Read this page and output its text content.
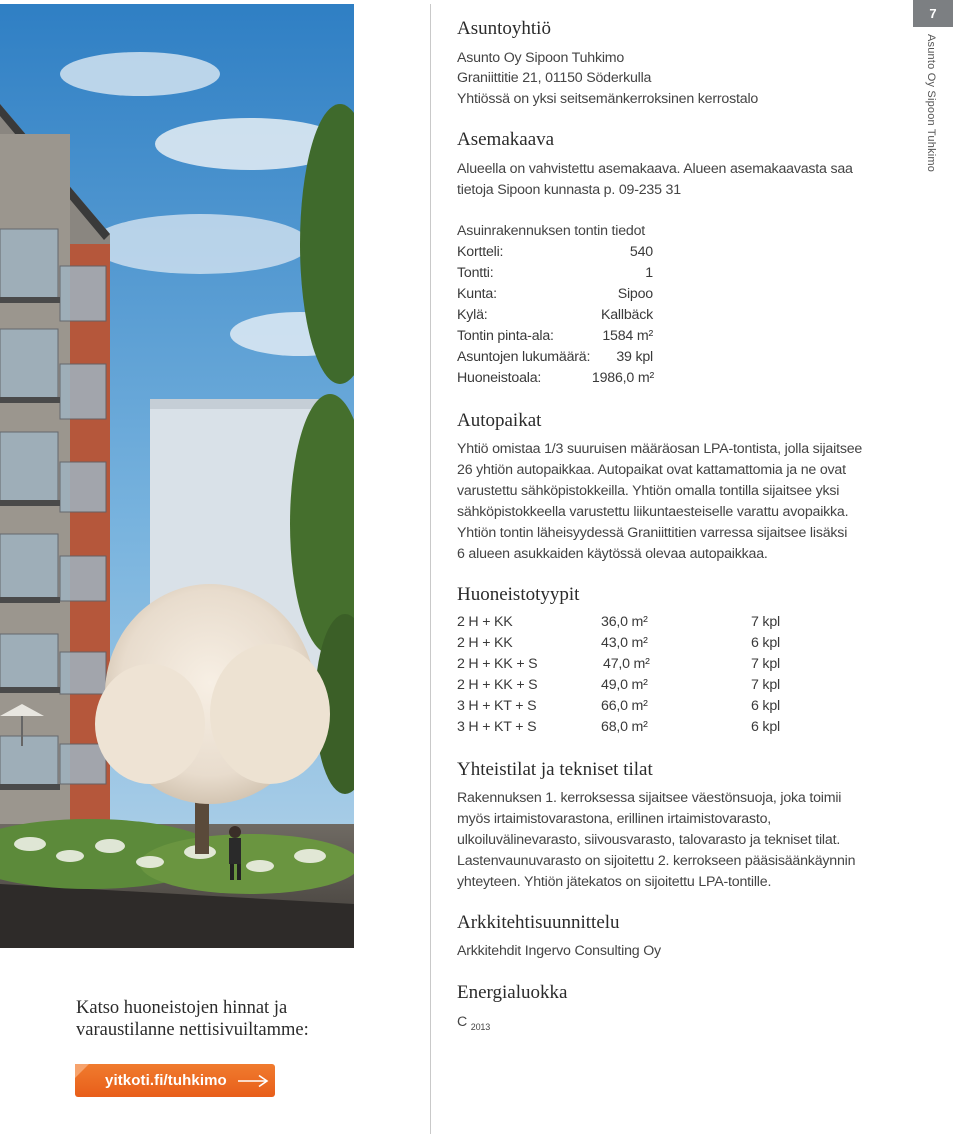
7
Asunto Oy Sipoon Tuhkimo
Asuntoyhtiö

Asunto Oy Sipoon Tuhkimo

Graniittitie 21, 01150 Söderkulla

Yhtiössä on yksi seitsemänkerroksinen kerrostalo

Asemakaava

Alueella on vahvistettu asemakaava. Alueen asemakaavasta saa

tietoja Sipoon kunnasta p. 09-235 31

Asuinrakennuksen tontin tiedot

Kortteli:	540
Tontti:	1
Kunta:	Sipoo
Kylä:	Kallbäck
Tontin pinta-ala:	1584 m²
Asuntojen lukumäärä: 39 kpl
Huoneistoala:	1986,0 m²
Autopaikat

Yhtiö omistaa 1/3 suuruisen määräosan LPA-tontista, jolla sijaitsee

26 yhtiön autopaikkaa. Autopaikat ovat kattamattomia ja ne ovat

varustettu sähköpistokkeilla. Yhtiön omalla tontilla sijaitsee yksi

sähköpistokkeella varustettu liikuntaesteiselle varattu avopaikka.

Yhtiön tontin läheisyydessä Graniittitien varressa sijaitsee lisäksi

6 alueen asukkaiden käytössä olevaa autopaikkaa.

Huoneistotyypit
2 H + KK	36,0 m²	7 kpl
2 H + KK	43,0 m²	6 kpl
2 H + KK + S	47,0 m²	7 kpl
2 H + KK + S	49,0 m²	7 kpl
3 H + KT + S	66,0 m²	6 kpl
3 H + KT + S	68,0 m²	6 kpl
Yhteistilat ja tekniset tilat

Rakennuksen 1. kerroksessa sijaitsee väestönsuoja, joka toimii

myös irtaimistovarastona, erillinen irtaimistovarasto,

ulkoiluvälinevarasto, siivousvarasto, talovarasto ja tekniset tilat.

Lastenvaunuvarasto on sijoitettu 2. kerrokseen pääsisäänkäynnin

yhteyteen. Yhtiön jätekatos on sijoitettu LPA-tontille.

Arkkitehtisuunnittelu

Arkkitehdit Ingervo Consulting Oy

Energialuokka

C $_{2013}$

Katso huoneistojen hinnat ja
varaustilanne nettisivuiltamme:
yitkoti.fi/tuhkimo
